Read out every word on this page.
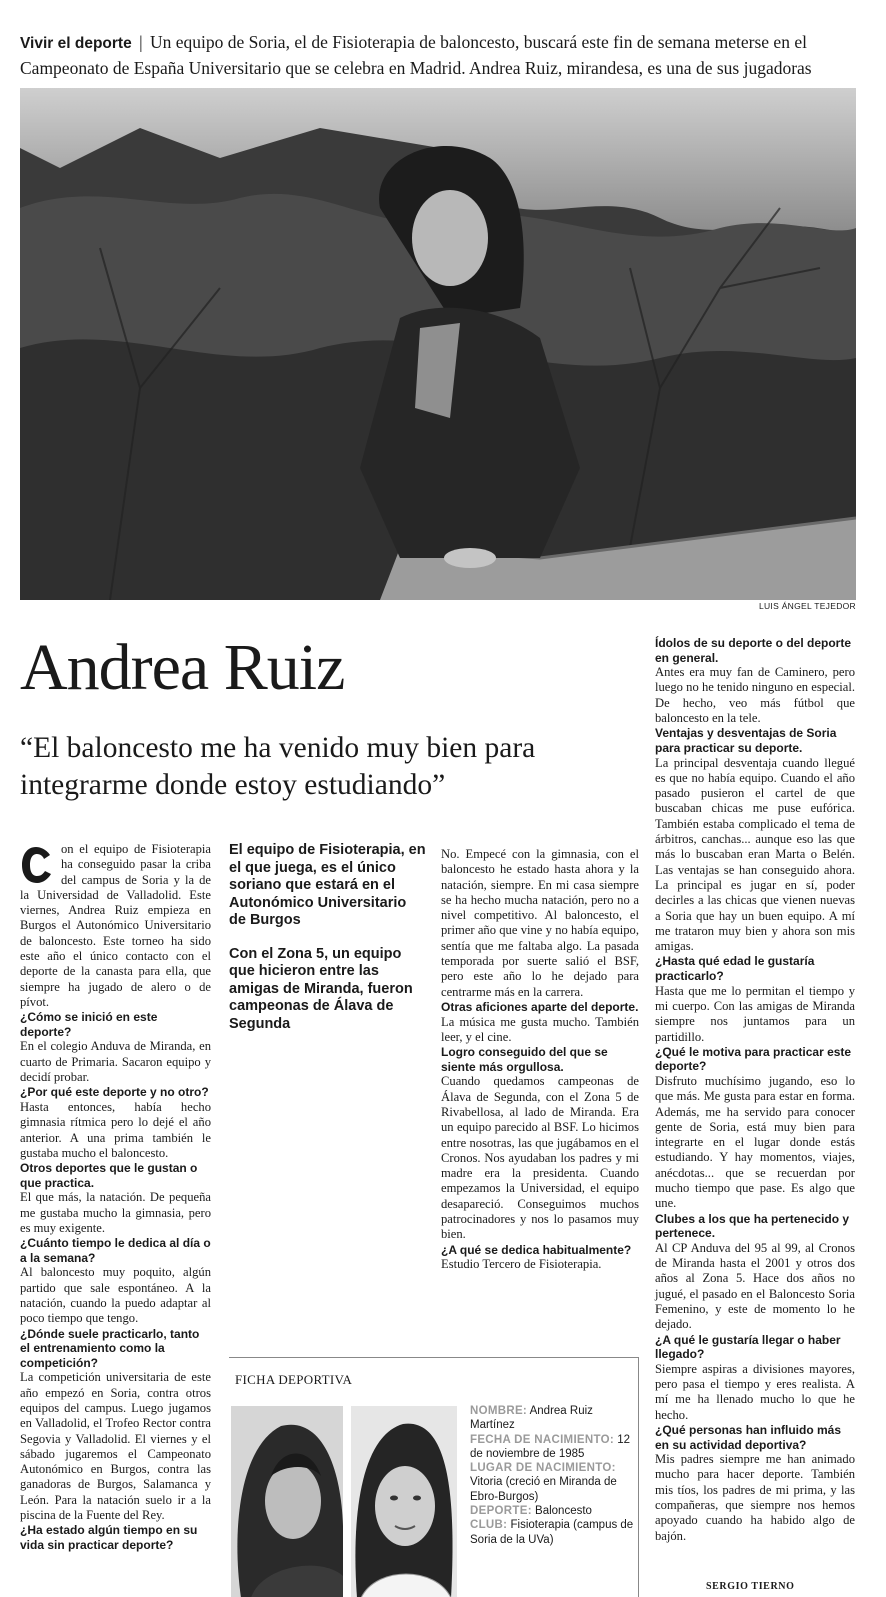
Vivir el deporte | Un equipo de Soria, el de Fisioterapia de baloncesto, buscará este fin de semana meterse en el Campeonato de España Universitario que se celebra en Madrid. Andrea Ruiz, mirandesa, es una de sus jugadoras
LUIS ÁNGEL TEJEDOR
Andrea Ruiz
“El baloncesto me ha venido muy bien para integrarme donde estoy estudiando”

on el equipo de Fisioterapia ha conseguido pasar la criba del campus de Soria y la de la Universidad de Valladolid. Este viernes, Andrea Ruiz empieza en Burgos el Autonómico Universitario de baloncesto. Este torneo ha sido este año el único contacto con el deporte de la canasta para ella, que siempre ha jugado de alero o de pívot.

¿Cómo se inició en este deporte?

En el colegio Anduva de Miranda, en cuarto de Primaria. Sacaron equipo y decidí probar.

¿Por qué este deporte y no otro?

Hasta entonces, había hecho gimnasia rítmica pero lo dejé el año anterior. A una prima también le gustaba mucho el baloncesto.

Otros deportes que le gustan o que practica.

El que más, la natación. De pequeña me gustaba mucho la gimnasia, pero es muy exigente.

¿Cuánto tiempo le dedica al día o a la semana?

Al baloncesto muy poquito, algún partido que sale espontáneo. A la natación, cuando la puedo adaptar al poco tiempo que tengo.

¿Dónde suele practicarlo, tanto el entrenamiento como la competición?

La competición universitaria de este año empezó en Soria, contra otros equipos del campus. Luego jugamos en Valladolid, el Trofeo Rector contra Segovia y Valladolid. El viernes y el sábado jugaremos el Campeonato Autonómico en Burgos, contra las ganadoras de Burgos, Salamanca y León. Para la natación suelo ir a la piscina de la Fuente del Rey.

¿Ha estado algún tiempo en su vida sin practicar deporte?

El equipo de Fisioterapia, en el que juega, es el único soriano que estará en el Autonómico Universitario de Burgos

Con el Zona 5, un equipo que hicieron entre las amigas de Miranda, fueron campeonas de Álava de Segunda

No. Empecé con la gimnasia, con el baloncesto he estado hasta ahora y la natación, siempre. En mi casa siempre se ha hecho mucha natación, pero no a nivel competitivo. Al baloncesto, el primer año que vine y no había equipo, sentía que me faltaba algo. La pasada temporada por suerte salió el BSF, pero este año lo he dejado para centrarme más en la carrera.

Otras aficiones aparte del deporte.

La música me gusta mucho. También leer, y el cine.

Logro conseguido del que se siente más orgullosa.

Cuando quedamos campeonas de Álava de Segunda, con el Zona 5 de Rivabellosa, al lado de Miranda. Era un equipo parecido al BSF. Lo hicimos entre nosotras, las que jugábamos en el Cronos. Nos ayudaban los padres y mi madre era la presidenta. Cuando empezamos la Universidad, el equipo desapareció. Conseguimos muchos patrocinadores y nos lo pasamos muy bien.

¿A qué se dedica habitualmente?

Estudio Tercero de Fisioterapia.

Ídolos de su deporte o del deporte en general.

Antes era muy fan de Caminero, pero luego no he tenido ninguno en especial. De hecho, veo más fútbol que baloncesto en la tele.

Ventajas y desventajas de Soria para practicar su deporte.

La principal desventaja cuando llegué es que no había equipo. Cuando el año pasado pusieron el cartel de que buscaban chicas me puse eufórica. También estaba complicado el tema de árbitros, canchas... aunque eso las que más lo buscaban eran Marta o Belén. Las ventajas se han conseguido ahora. La principal es jugar en sí, poder decirles a las chicas que vienen nuevas a Soria que hay un buen equipo. A mí me trataron muy bien y ahora son mis amigas.

¿Hasta qué edad le gustaría practicarlo?

Hasta que me lo permitan el tiempo y mi cuerpo. Con las amigas de Miranda siempre nos juntamos para un partidillo.

¿Qué le motiva para practicar este deporte?

Disfruto muchísimo jugando, eso lo que más. Me gusta para estar en forma. Además, me ha servido para conocer gente de Soria, está muy bien para integrarte en el lugar donde estás estudiando. Y hay momentos, viajes, anécdotas... que se recuerdan por mucho tiempo que pase. Es algo que une.

Clubes a los que ha pertenecido y pertenece.

Al CP Anduva del 95 al 99, al Cronos de Miranda hasta el 2001 y otros dos años al Zona 5. Hace dos años no jugué, el pasado en el Baloncesto Soria Femenino, y este de momento lo he dejado.

¿A qué le gustaría llegar o haber llegado?

Siempre aspiras a divisiones mayores, pero pasa el tiempo y eres realista. A mí me ha llenado mucho lo que he hecho.

¿Qué personas han influido más en su actividad deportiva?

Mis padres siempre me han animado mucho para hacer deporte. También mis tíos, los padres de mi prima, y las compañeras, que siempre nos hemos apoyado cuando ha habido algo de bajón.

FICHA DEPORTIVA
NOMBRE: Andrea Ruiz Martínez
FECHA DE NACIMIENTO: 12 de noviembre de 1985
LUGAR DE NACIMIENTO: Vitoria (creció en Miranda de Ebro-Burgos)
DEPORTE: Baloncesto
CLUB: Fisioterapia (campus de Soria de la UVa)
SERGIO TIERNO
